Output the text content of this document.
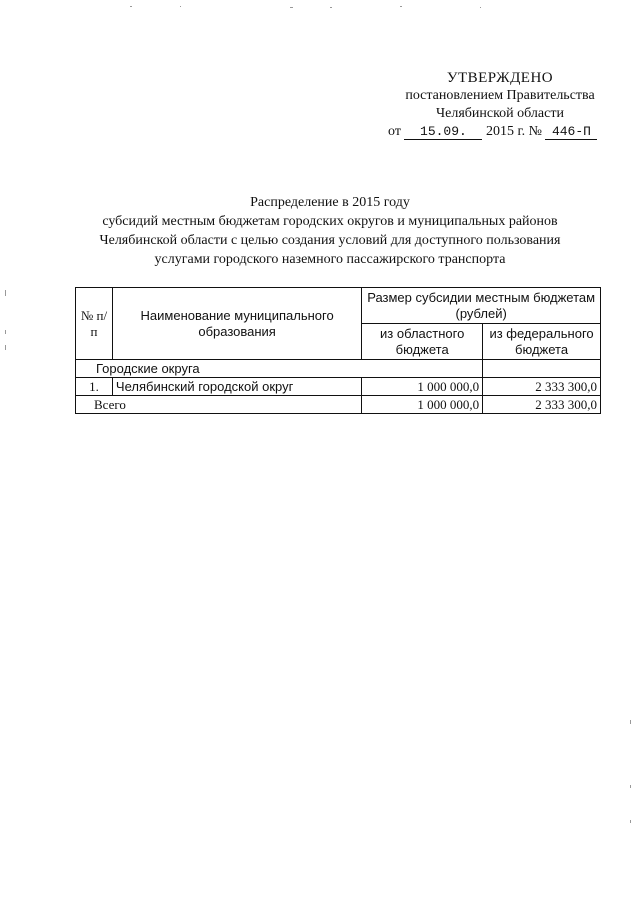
УТВЕРЖДЕНО
постановлением Правительства
Челябинской области
от 15.09. 2015 г. № 446-П
Распределение в 2015 году
субсидий местным бюджетам городских округов и муниципальных районов
Челябинской области с целью создания условий для доступного пользования
услугами городского наземного пассажирского транспорта
№ п/п	Наименование муниципального образования	Размер субсидии местным бюджетам (рублей)	
		из областного бюджета	из федерального бюджета
Городские округа			
1.	Челябинский городской округ	1 000 000,0	2 333 300,0
Всего		1 000 000,0	2 333 300,0
